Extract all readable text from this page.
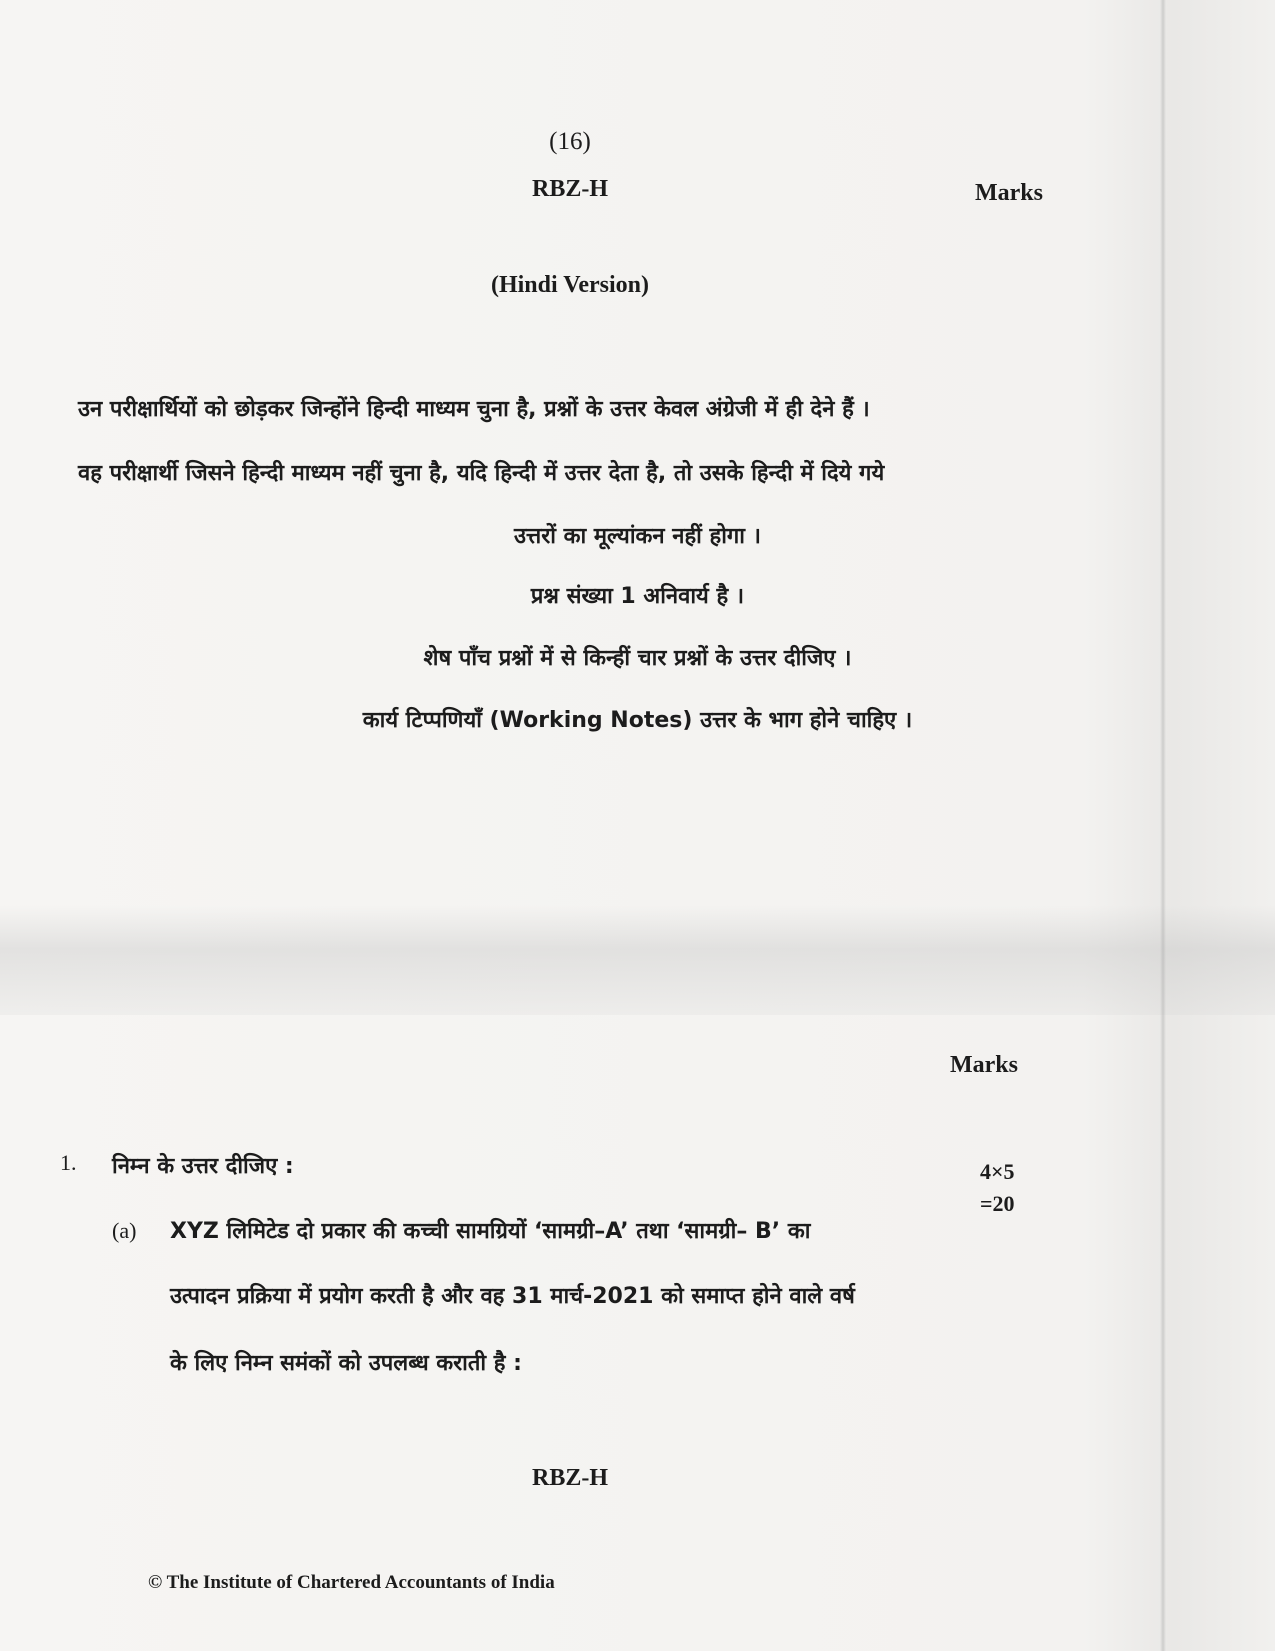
(16)
RBZ-H	Marks
(Hindi Version)
उन परीक्षार्थियों को छोड़कर जिन्होंने हिन्दी माध्यम चुना है, प्रश्नों के उत्तर केवल अंग्रेजी में ही देने हैं ।
वह परीक्षार्थी जिसने हिन्दी माध्यम नहीं चुना है, यदि हिन्दी में उत्तर देता है, तो उसके हिन्दी में दिये गये
उत्तरों का मूल्यांकन नहीं होगा ।
प्रश्न संख्या 1 अनिवार्य है ।
शेष पाँच प्रश्नों में से किन्हीं चार प्रश्नों के उत्तर दीजिए ।
कार्य टिप्पणियाँ (Working Notes) उत्तर के भाग होने चाहिए ।
Marks
1. निम्न के उत्तर दीजिए :	4×5
=20
(a) XYZ लिमिटेड दो प्रकार की कच्ची सामग्रियों ‘सामग्री–A’ तथा ‘सामग्री– B’ का
उत्पादन प्रक्रिया में प्रयोग करती है और वह 31 मार्च-2021 को समाप्त होने वाले वर्ष
के लिए निम्न समंकों को उपलब्ध कराती है :
RBZ-H
© The Institute of Chartered Accountants of India
